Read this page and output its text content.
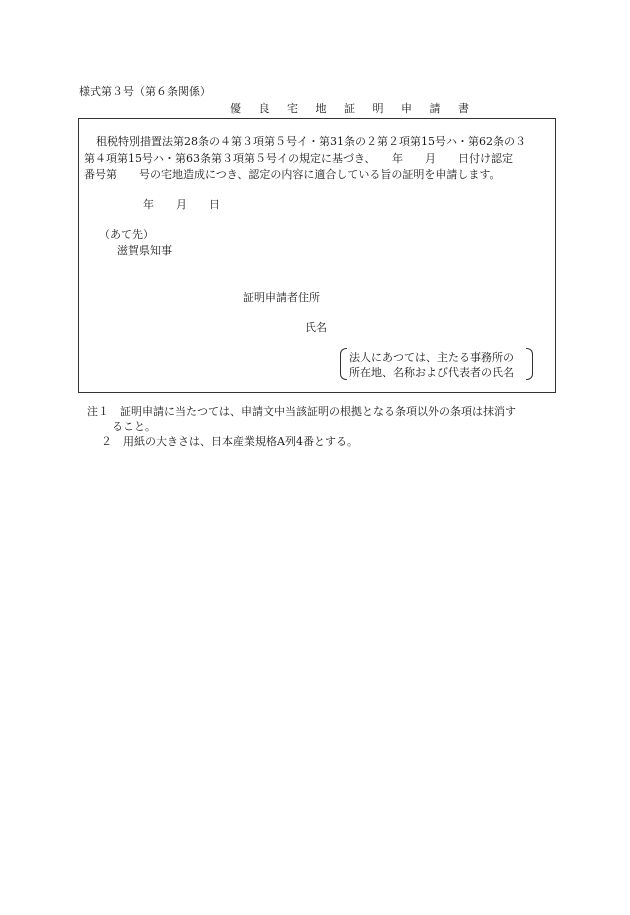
様式第３号（第６条関係）
優 良 宅 地 証 明 申 請 書
租税特別措置法第28条の４第３項第５号イ・第31条の２第２項第15号ハ・第62条の３
第４項第15号ハ・第63条第３項第５号イの規定に基づき、　　年　　月　　日付け認定
番号第　　号の宅地造成につき、認定の内容に適合している旨の証明を申請します。
年　　月　　日
（あて先）
滋賀県知事
証明申請者住所
氏名
法人にあつては、主たる事務所の
所在地、名称および代表者の氏名
注１　証明申請に当たつては、申請文中当該証明の根拠となる条項以外の条項は抹消す
ること。
２　用紙の大きさは、日本産業規格A列4番とする。
